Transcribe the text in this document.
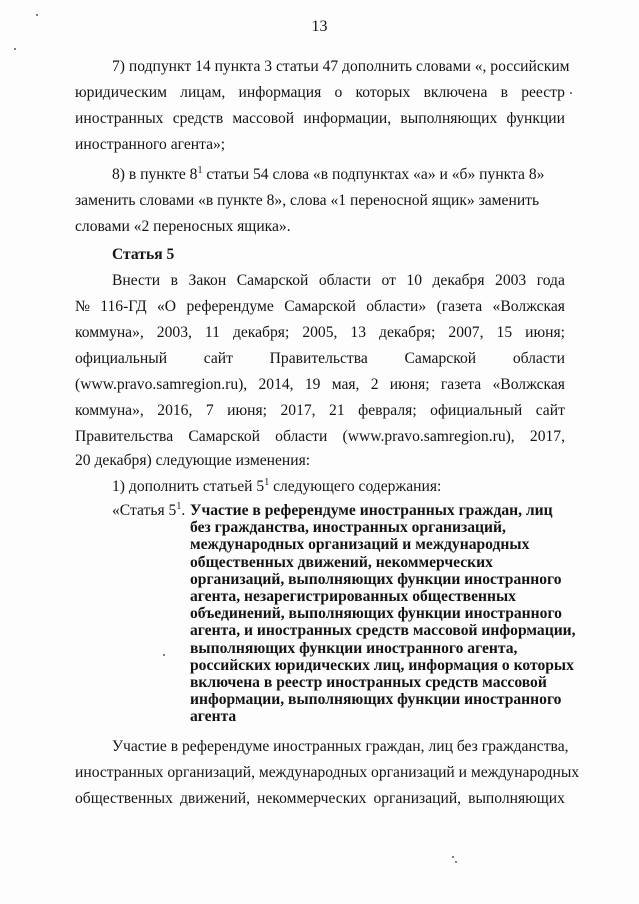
13
7) подпункт 14 пункта 3 статьи 47 дополнить словами «, российским
юридическим лицам, информация о которых включена в реестр
иностранных средств массовой информации, выполняющих функции
иностранного агента»;
8) в пункте $8^1$ статьи 54 слова «в подпунктах «а» и «б» пункта 8»
заменить словами «в пункте 8», слова «1 переносной ящик» заменить
словами «2 переносных ящика».
Статья 5
Внести в Закон Самарской области от 10 декабря 2003 года
№ 116-ГД «О референдуме Самарской области» (газета «Волжская
коммуна», 2003, 11 декабря; 2005, 13 декабря; 2007, 15 июня;
официальный сайт Правительства Самарской области
(www.pravo.samregion.ru), 2014, 19 мая, 2 июня; газета «Волжская
коммуна», 2016, 7 июня; 2017, 21 февраля; официальный сайт
Правительства Самарской области (www.pravo.samregion.ru), 2017,
20 декабря) следующие изменения:
1) дополнить статьей $5^1$ следующего содержания:
«Статья $5^1$. Участие в референдуме иностранных граждан, лиц
без гражданства, иностранных организаций,
международных организаций и международных
общественных движений, некоммерческих
организаций, выполняющих функции иностранного
агента, незарегистрированных общественных
объединений, выполняющих функции иностранного
агента, и иностранных средств массовой информации,
выполняющих функции иностранного агента,
российских юридических лиц, информация о которых
включена в реестр иностранных средств массовой
информации, выполняющих функции иностранного
агента
Участие в референдуме иностранных граждан, лиц без гражданства,
иностранных организаций, международных организаций и международных
общественных движений, некоммерческих организаций, выполняющих
